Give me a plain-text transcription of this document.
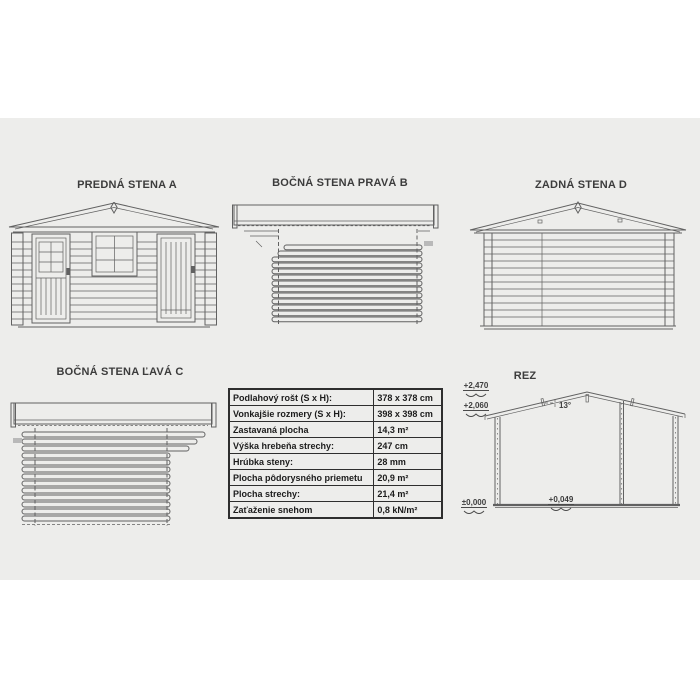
PREDNÁ STENA A	BOČNÁ STENA PRAVÁ B	ZADNÁ STENA D
BOČNÁ STENA ĽAVÁ C	REZ
+2,470
+2,060
±0,000	+0,049
13°
Podlahový rošt (S x H):	378 x 378 cm
Vonkajšie rozmery (S x H):	398 x 398 cm
Zastavaná plocha	14,3 m²
Výška hrebeňa strechy:	247 cm
Hrúbka steny:	28 mm
Plocha pôdorysného priemetu	20,9 m²
Plocha strechy:	21,4 m²
Zaťaženie snehom	0,8 kN/m²
